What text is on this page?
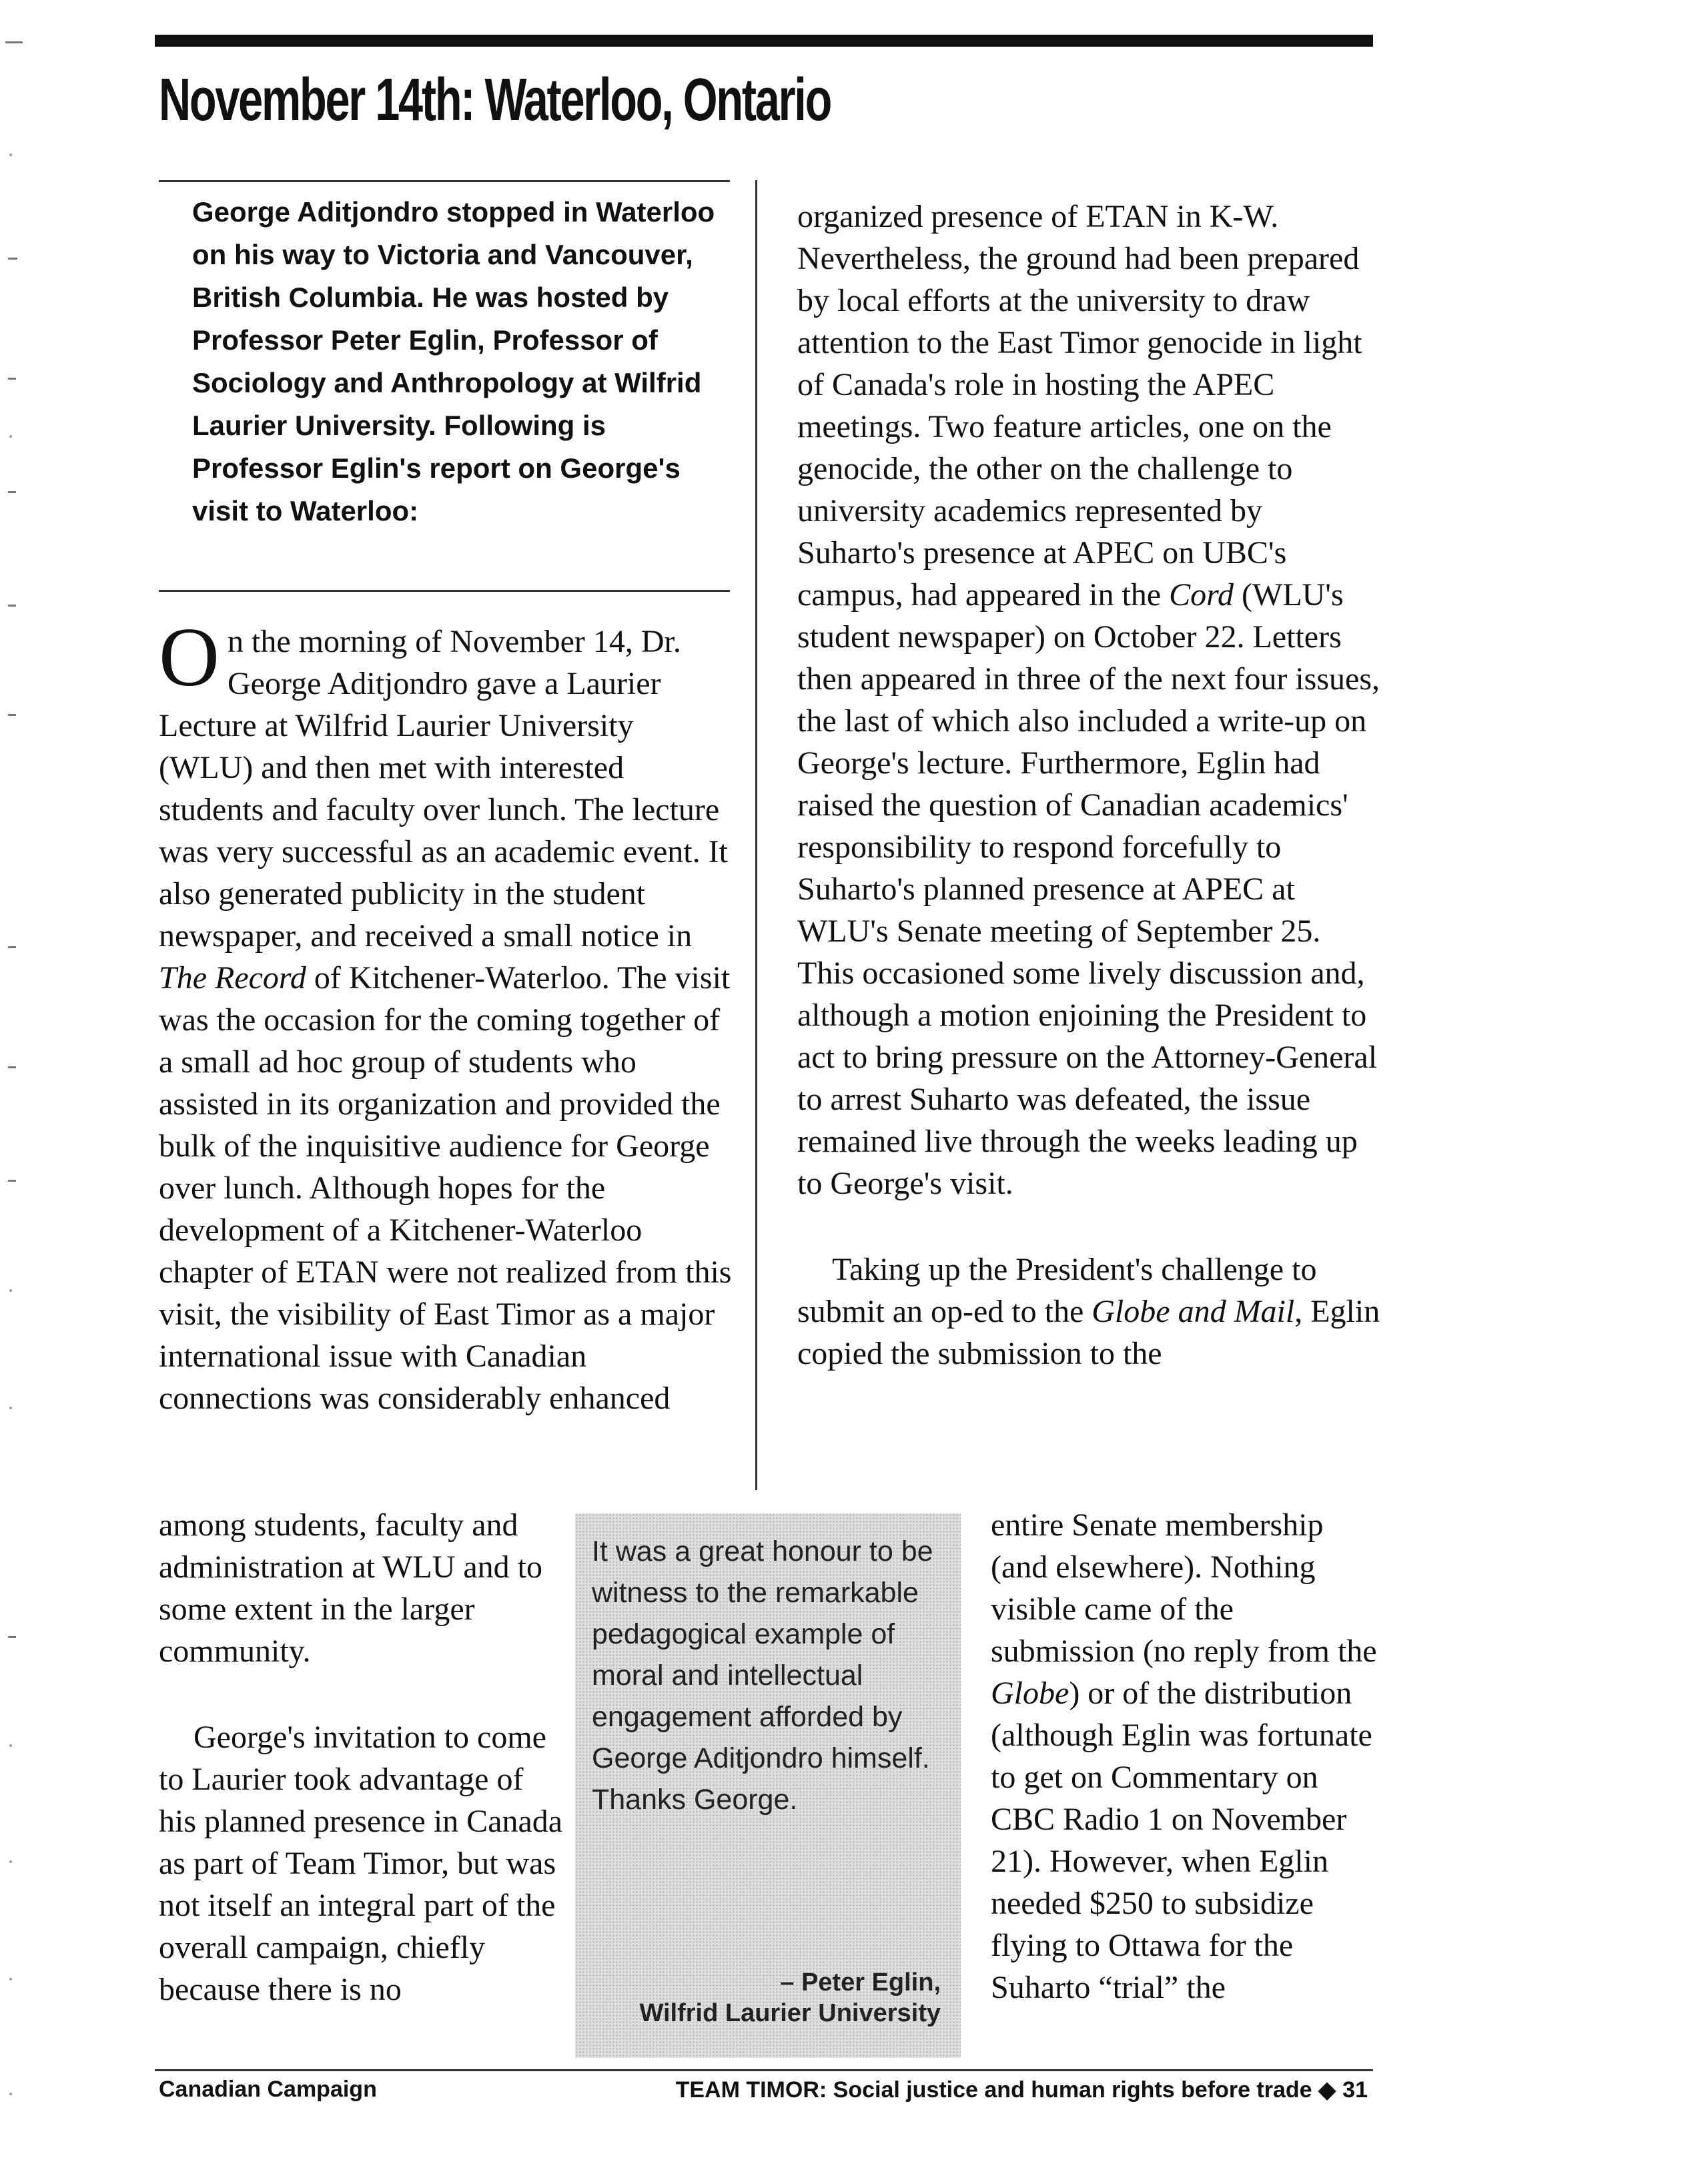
November 14th: Waterloo, Ontario

George Aditjondro stopped in Waterloo on his way to Victoria and Vancouver, British Columbia. He was hosted by Professor Peter Eglin, Professor of Sociology and Anthropology at Wilfrid Laurier University. Following is Professor Eglin's report on George's visit to Waterloo:

On the morning of November 14, Dr. George Aditjondro gave a Laurier Lecture at Wilfrid Laurier University (WLU) and then met with interested students and faculty over lunch. The lecture was very successful as an academic event. It also generated publicity in the student newspaper, and received a small notice in The Record of Kitchener-Waterloo. The visit was the occasion for the coming together of a small ad hoc group of students who assisted in its organization and provided the bulk of the inquisitive audience for George over lunch. Although hopes for the development of a Kitchener-Waterloo chapter of ETAN were not realized from this visit, the visibility of East Timor as a major international issue with Canadian connections was considerably enhanced

among students, faculty and administration at WLU and to some extent in the larger community.

George's invitation to come to Laurier took advantage of his planned presence in Canada as part of Team Timor, but was not itself an integral part of the overall campaign, chiefly because there is no

organized presence of ETAN in K-W. Nevertheless, the ground had been prepared by local efforts at the university to draw attention to the East Timor genocide in light of Canada's role in hosting the APEC meetings. Two feature articles, one on the genocide, the other on the challenge to university academics represented by Suharto's presence at APEC on UBC's campus, had appeared in the Cord (WLU's student newspaper) on October 22. Letters then appeared in three of the next four issues, the last of which also included a write-up on George's lecture. Furthermore, Eglin had raised the question of Canadian academics' responsibility to respond forcefully to Suharto's planned presence at APEC at WLU's Senate meeting of September 25. This occasioned some lively discussion and, although a motion enjoining the President to act to bring pressure on the Attorney-General to arrest Suharto was defeated, the issue remained live through the weeks leading up to George's visit.

Taking up the President's challenge to submit an op-ed to the Globe and Mail, Eglin copied the submission to the

entire Senate membership (and elsewhere). Nothing visible came of the submission (no reply from the Globe) or of the distribution (although Eglin was fortunate to get on Commentary on CBC Radio 1 on November 21). However, when Eglin needed $250 to subsidize flying to Ottawa for the Suharto “trial” the

It was a great honour to be witness to the remarkable pedagogical example of moral and intellectual engagement afforded by George Aditjondro himself. Thanks George.
– Peter Eglin,
Wilfrid Laurier University
Canadian Campaign	TEAM TIMOR: Social justice and human rights before trade ◆ 31
